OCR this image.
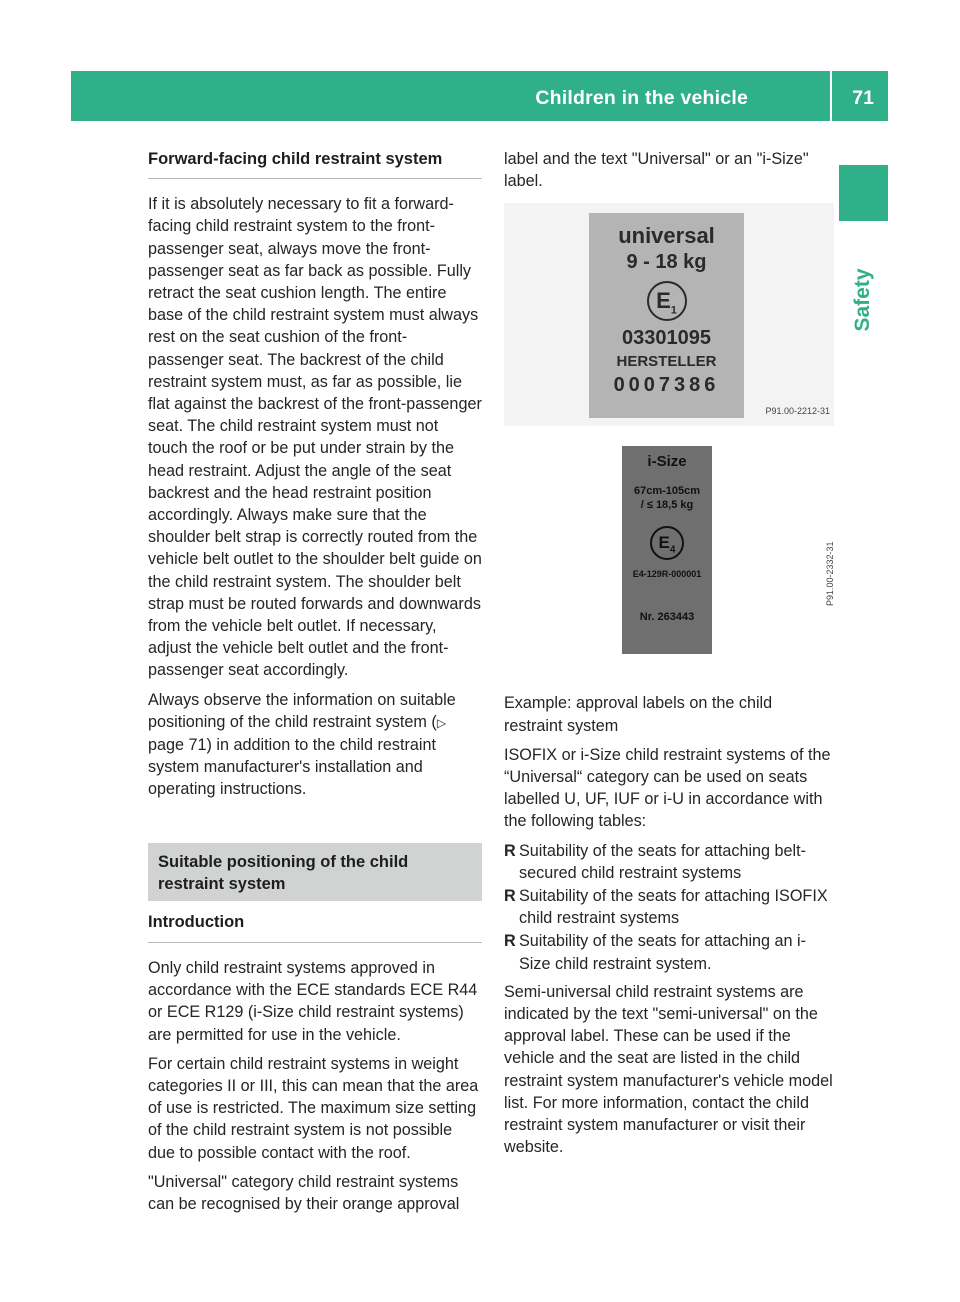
Children in the vehicle	71
Safety
Forward-facing child restraint system

If it is absolutely necessary to fit a forward-facing child restraint system to the front-passenger seat, always move the front-passenger seat as far back as possible. Fully retract the seat cushion length. The entire base of the child restraint system must always rest on the seat cushion of the front-passenger seat. The backrest of the child restraint system must, as far as possible, lie flat against the backrest of the front-passenger seat. The child restraint system must not touch the roof or be put under strain by the head restraint. Adjust the angle of the seat backrest and the head restraint position accordingly. Always make sure that the shoulder belt strap is correctly routed from the vehicle belt outlet to the shoulder belt guide on the child restraint system. The shoulder belt strap must be routed forwards and downwards from the vehicle belt outlet. If necessary, adjust the vehicle belt outlet and the front-passenger seat accordingly.

Always observe the information on suitable positioning of the child restraint system (▷ page 71) in addition to the child restraint system manufacturer's installation and operating instructions.

Suitable positioning of the child restraint system
Introduction

Only child restraint systems approved in accordance with the ECE standards ECE R44 or ECE R129 (i-Size child restraint systems) are permitted for use in the vehicle.

For certain child restraint systems in weight categories II or III, this can mean that the area of use is restricted. The maximum size setting of the child restraint system is not possible due to possible contact with the roof.

"Universal" category child restraint systems can be recognised by their orange approval

label and the text "Universal" or an "i-Size" label.

universal
9 - 18 kg
$E_1$
03301095
HERSTELLER
0007386
P91.00-2212-31
i-Size
67cm-105cm
/ ≤ 18,5 kg
$E_4$
E4-129R-000001
Nr. 263443
P91.00-2332-31

Example: approval labels on the child restraint system

ISOFIX or i-Size child restraint systems of the “Universal“ category can be used on seats labelled U, UF, IUF or i-U in accordance with the following tables:

R Suitability of the seats for attaching belt-secured child restraint systems
R Suitability of the seats for attaching ISOFIX child restraint systems
R Suitability of the seats for attaching an i-Size child restraint system.

Semi-universal child restraint systems are indicated by the text "semi-universal" on the approval label. These can be used if the vehicle and the seat are listed in the child restraint system manufacturer's vehicle model list. For more information, contact the child restraint system manufacturer or visit their website.
